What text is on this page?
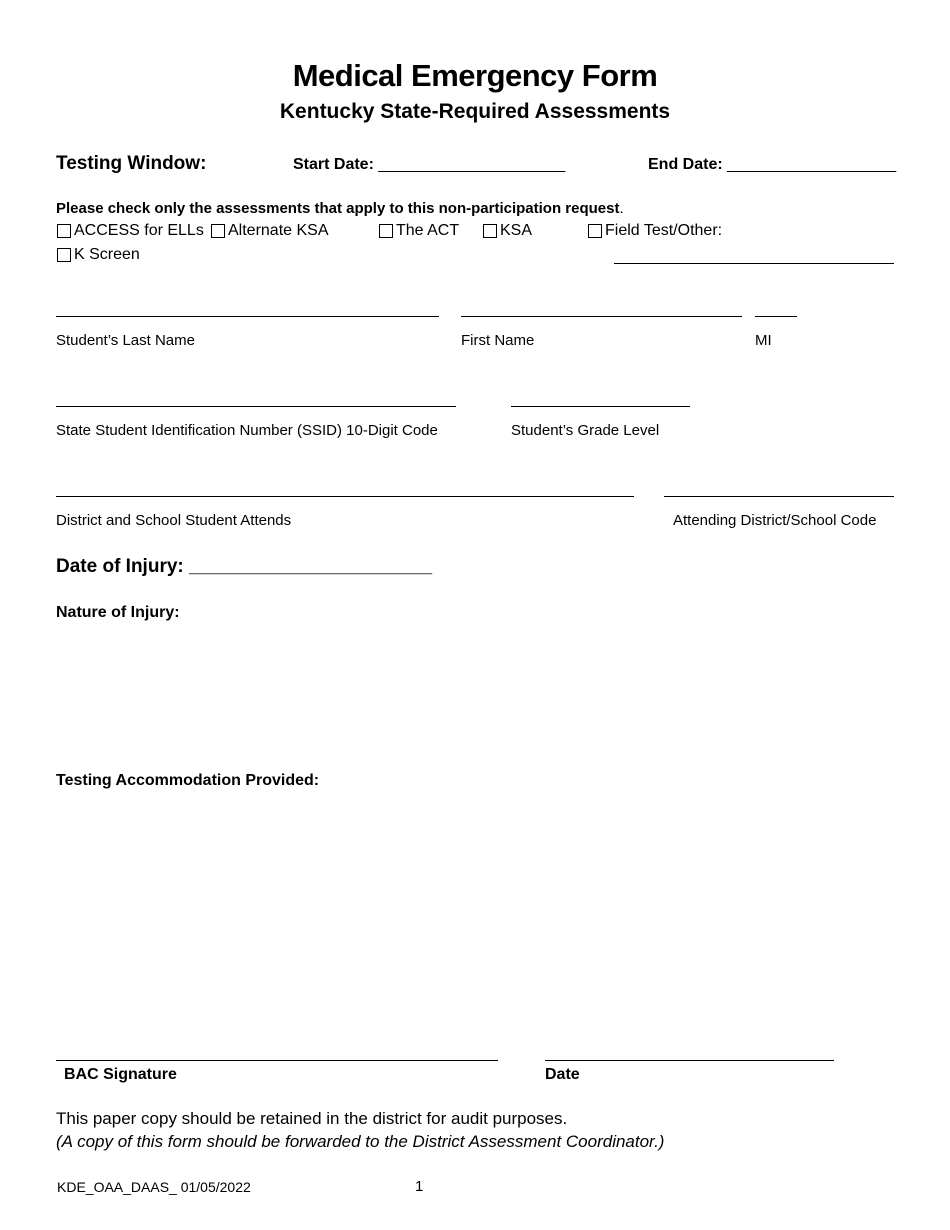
Medical Emergency Form
Kentucky State-Required Assessments
Testing Window:	Start Date: _____________________	End Date: ___________________
Please check only the assessments that apply to this non-participation request.
ACCESS for ELLs Alternate KSA	The ACT	KSA	Field Test/Other:
K Screen
Student’s Last Name	First Name	MI
State Student Identification Number (SSID) 10-Digit Code	Student’s Grade Level
District and School Student Attends	Attending District/School Code
Date of Injury: _______________________
Nature of Injury:
Testing Accommodation Provided:
BAC Signature	Date
This paper copy should be retained in the district for audit purposes.
(A copy of this form should be forwarded to the District Assessment Coordinator.)
KDE_OAA_DAAS_ 01/05/2022	1
